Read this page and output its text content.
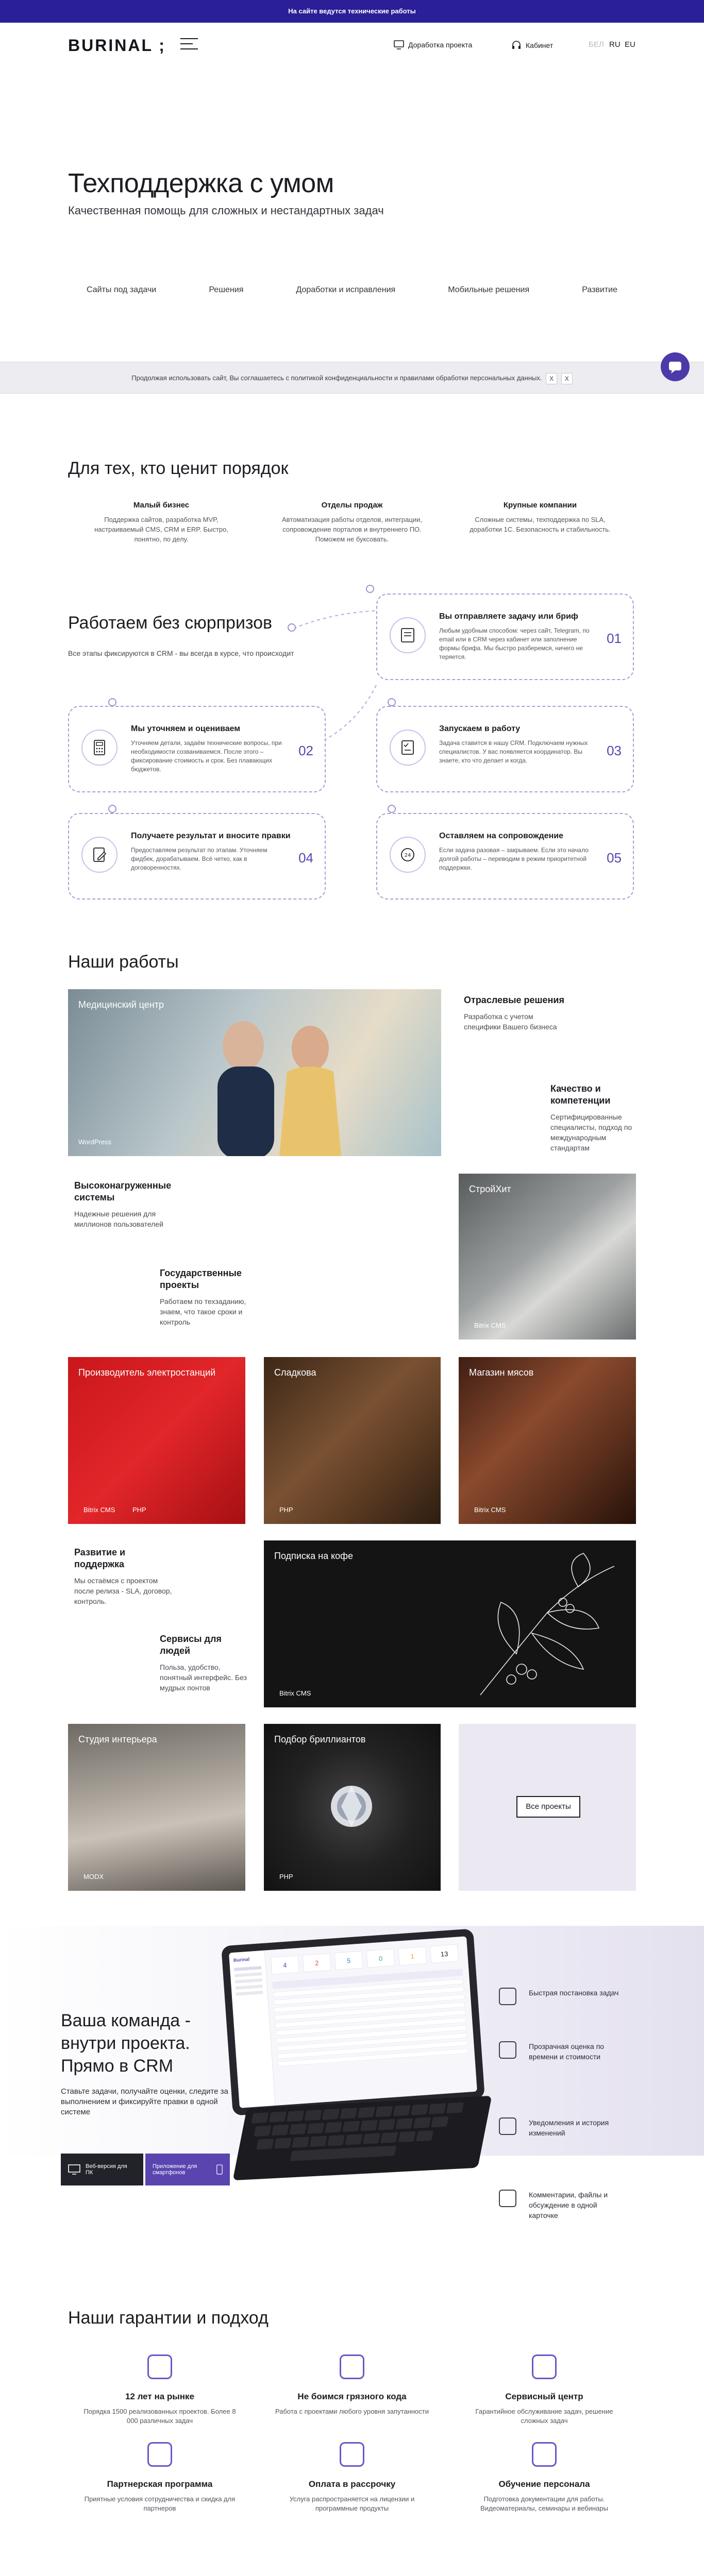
На сайте ведутся технические работы
BURINAL ;	Доработка проекта	Кабинет	БЕЛ RU EU
Техподдержка с умом
Качественная помощь для сложных и нестандартных задач
Сайты под задачи	Решения	Доработки и исправления	Мобильные решения	Развитие
Продолжая использовать сайт, Вы соглашаетесь с политикой конфиденциальности и правилами обработки персональных данных. Х Х
Для тех, кто ценит порядок
Малый бизнес

Поддержка сайтов, разработка MVP, настраиваемый CMS, CRM и ERP. Быстро, понятно, по делу.

Отделы продаж

Автоматизация работы отделов, интеграции, сопровождение порталов и внутреннего ПО. Поможем не буксовать.

Крупные компании

Сложные системы, техподдержка по SLA, доработки 1С. Безопасность и стабильность.

Работаем без сюрпризов

Все этапы фиксируются в CRM - вы всегда в курсе, что происходит

Вы отправляете задачу или бриф

Любым удобным способом: через сайт, Telegram, по email или в CRM через кабинет или заполнение формы брифа. Мы быстро разберемся, ничего не теряется.

01
Мы уточняем и оцениваем

Уточняем детали, задаём технические вопросы, при необходимости созваниваемся. После этого – фиксирование стоимость и срок. Без плавающих бюджетов.

02
Запускаем в работу

Задача ставится в нашу CRM. Подключаем нужных специалистов. У вас появляется координатор. Вы знаете, кто что делает и когда.

03
Получаете результат и вносите правки

Предоставляем результат по этапам. Уточняем фидбек, дорабатываем. Всё четко, как в договоренностях.

04	24
Оставляем на сопровождение

Если задача разовая – закрываем. Если это начало долгой работы – переводим в режим приоритетной поддержки.

05
Наши работы
Медицинский центр
WordPress
Отраслевые решения

Разработка с учетом специфики Вашего бизнеса

Качество и компетенции

Сертифицированные специалисты, подход по международным стандартам

Высоконагруженные системы

Надежные решения для миллионов пользователей

Государственные проекты

Работаем по техзаданию, знаем, что такое сроки и контроль

СтройХит
Bitrix CMS
Производитель электростанций
Bitrix CMS	PHP
Сладкова
PHP
Магазин мясов
Bitrix CMS
Развитие и поддержка

Мы остаёмся с проектом после релиза - SLA, договор, контроль.

Сервисы для людей

Польза, удобство, понятный интерфейс. Без мудрых понтов

Подписка на кофе
Bitrix CMS
Студия интерьера
MODX
Подбор бриллиантов
PHP
Все проекты
Ваша команда - внутри проекта. Прямо в CRM

Ставьте задачи, получайте оценки, следите за выполнением и фиксируйте правки в одной системе

Веб-версия для ПК
Приложение для смартфонов
Burinal
4	2	5	0	1	13
Быстрая постановка задач
Прозрачная оценка по времени и стоимости
Уведомления и история изменений
Комментарии, файлы и обсуждение в одной карточке
Наши гарантии и подход
12 лет на рынке

Порядка 1500 реализованных проектов. Более 8 000 различных задач

Не боимся грязного кода

Работа с проектами любого уровня запутанности

Сервисный центр

Гарантийное обслуживание задач, решение сложных задач

Партнерская программа

Приятные условия сотрудничества и скидка для партнеров

Оплата в рассрочку

Услуга распространяется на лицензии и программные продукты

Обучение персонала

Подготовка документации для работы. Видеоматериалы, семинары и вебинары
